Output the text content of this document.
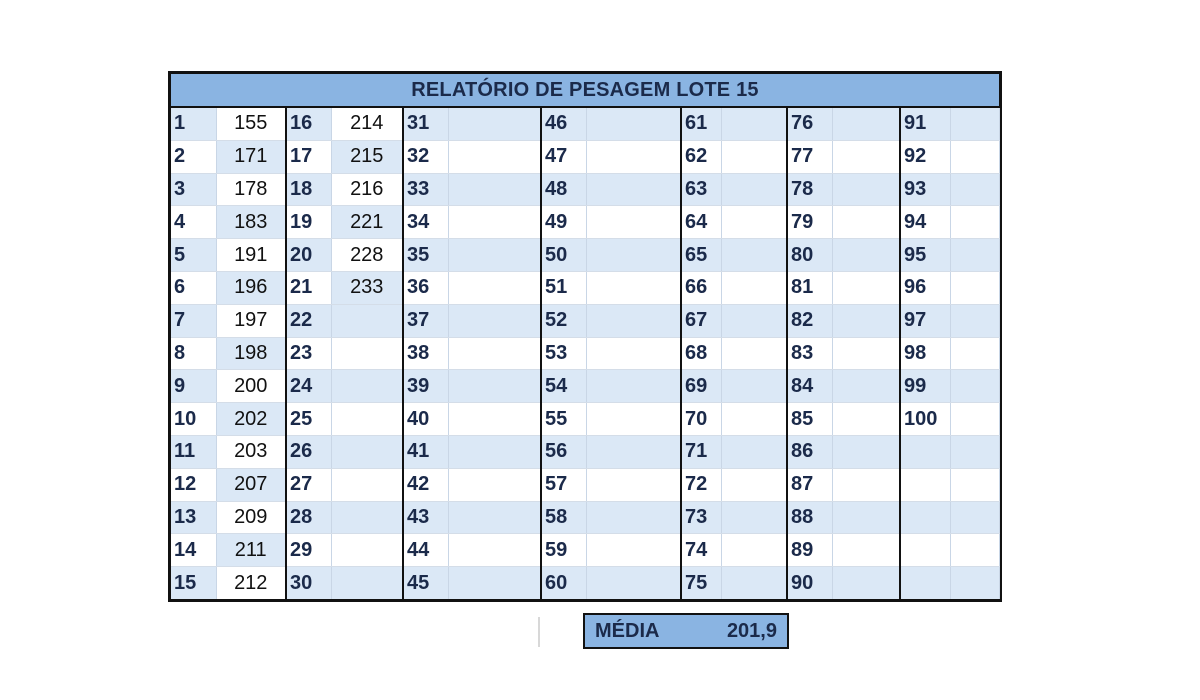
RELATÓRIO DE PESAGEM LOTE 15
1	155	16	214	31		46		61		76		91	
2	171	17	215	32		47		62		77		92	
3	178	18	216	33		48		63		78		93	
4	183	19	221	34		49		64		79		94	
5	191	20	228	35		50		65		80		95	
6	196	21	233	36		51		66		81		96	
7	197	22		37		52		67		82		97	
8	198	23		38		53		68		83		98	
9	200	24		39		54		69		84		99	
10	202	25		40		55		70		85		100	
11	203	26		41		56		71		86			
12	207	27		42		57		72		87			
13	209	28		43		58		73		88			
14	211	29		44		59		74		89			
15	212	30		45		60		75		90			
MÉDIA	201,9
